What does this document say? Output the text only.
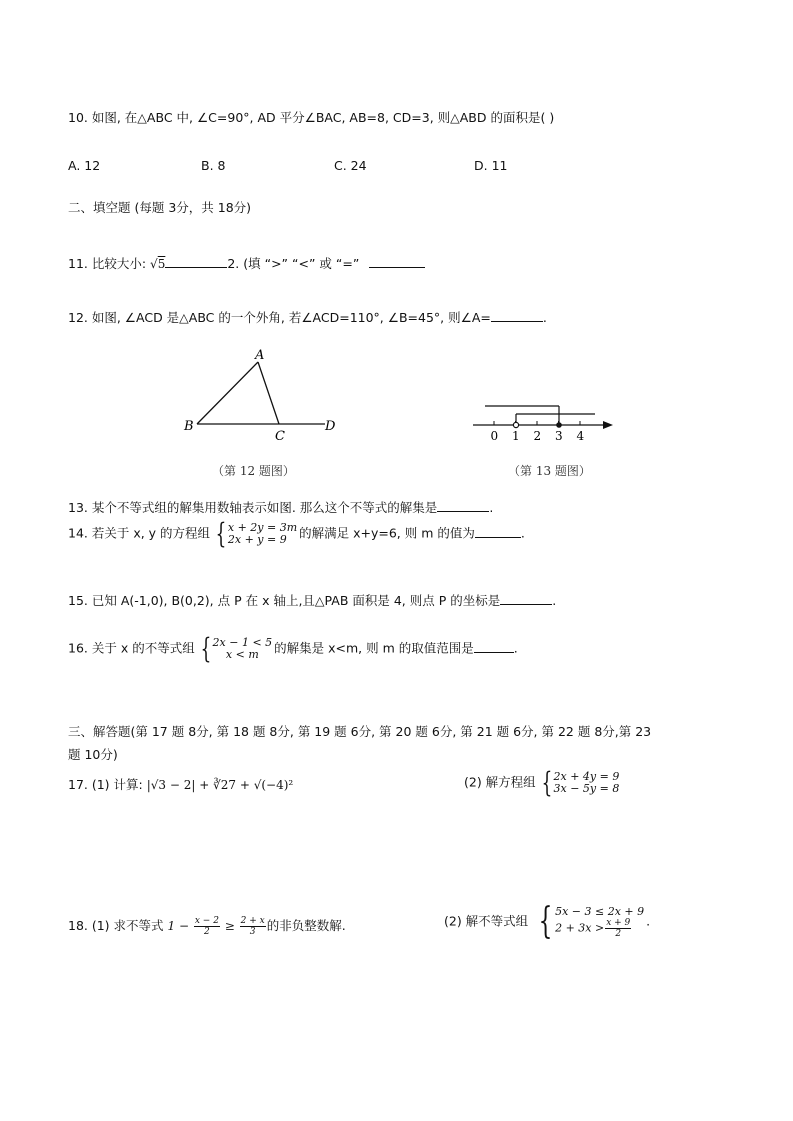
10. 如图, 在△ABC 中, ∠C=90°, AD 平分∠BAC, AB=8, CD=3, 则△ABD 的面积是( )
A. 12	B. 8	C. 24	D. 11
二、填空题 (每题 3分，共 18分)
11. 比较大小: √5	2. (填 “>” “<” 或 “=”
12. 如图, ∠ACD 是△ABC 的一个外角, 若∠ACD=110°, ∠B=45°, 则∠A=	.
A
B
C
D
（第 12 题图）
0 1 2 3 4
（第 13 题图）
13. 某个不等式组的解集用数轴表示如图. 那么这个不等式的解集是	.
14. 若关于 x, y 的方程组 { x + 2y = 3m
2x + y = 9 的解满足 x+y=6, 则 m 的值为	.
15. 已知 A(-1,0), B(0,2), 点 P 在 x 轴上,且△PAB 面积是 4, 则点 P 的坐标是	.
16. 关于 x 的不等式组 { 2x − 1 < 5
x < m 的解集是 x<m, 则 m 的取值范围是	.
三、解答题(第 17 题 8分, 第 18 题 8分, 第 19 题 6分, 第 20 题 6分, 第 21 题 6分, 第 22 题 8分,第 23
题 10分)
17. (1) 计算: |√3 − 2| + ∛27 + √(−4)²	(2) 解方程组 { 2x + 4y = 9
3x − 5y = 8
18. (1) 求不等式 $1 - \frac{x - 2}{2} \ge \frac{2 + x}{3}$ 的非负整数解.	(2) 解不等式组 { 5x − 3 ≤ 2x + 9
$2 + 3x > \frac{x + 9}{2}$ .
